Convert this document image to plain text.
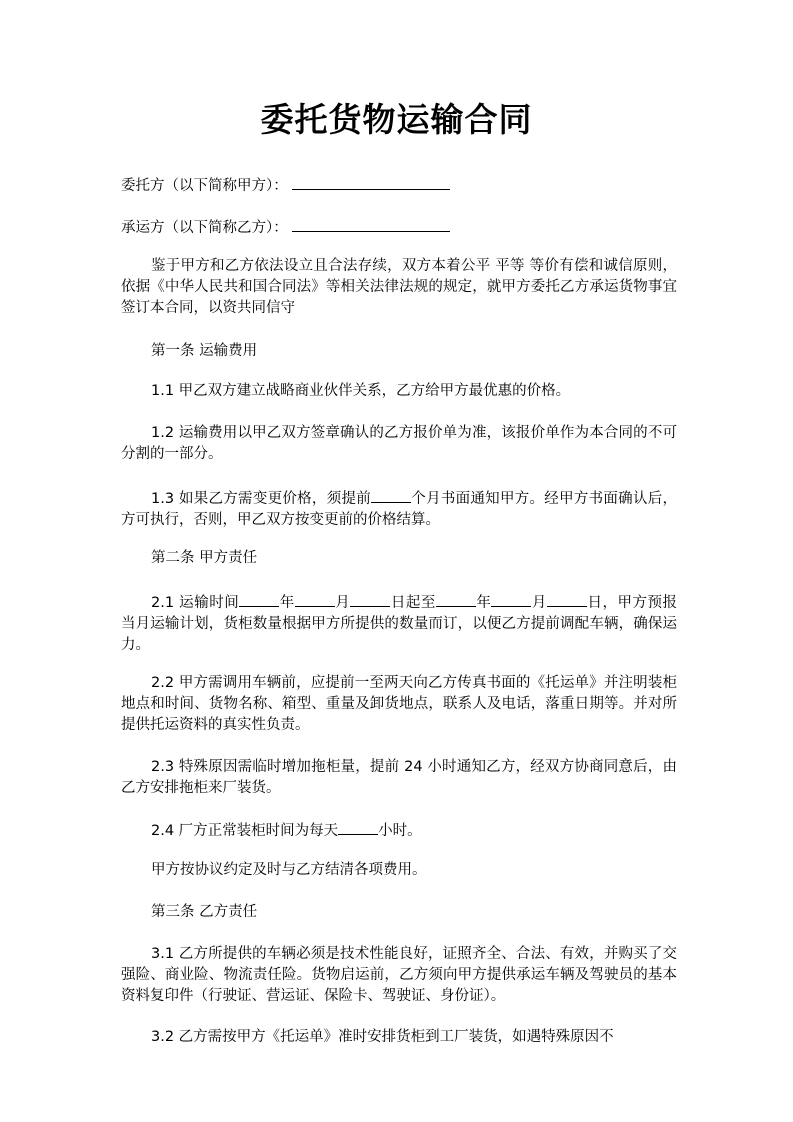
委托货物运输合同

委托方（以下简称甲方）：

承运方（以下简称乙方）：

鉴于甲方和乙方依法设立且合法存续，双方本着公平 平等 等价有偿和诚信原则，依据《中华人民共和国合同法》等相关法律法规的规定，就甲方委托乙方承运货物事宜签订本合同，以资共同信守

第一条 运输费用

1.1 甲乙双方建立战略商业伙伴关系，乙方给甲方最优惠的价格。

1.2 运输费用以甲乙双方签章确认的乙方报价单为准，该报价单作为本合同的不可分割的一部分。

1.3 如果乙方需变更价格，须提前	个月书面通知甲方。经甲方书面确认后，方可执行，否则，甲乙双方按变更前的价格结算。

第二条 甲方责任

2.1 运输时间	年	月	日起至	年	月	日，甲方预报当月运输计划，货柜数量根据甲方所提供的数量而订，以便乙方提前调配车辆，确保运力。

2.2 甲方需调用车辆前，应提前一至两天向乙方传真书面的《托运单》并注明装柜地点和时间、货物名称、箱型、重量及卸货地点，联系人及电话，落重日期等。并对所提供托运资料的真实性负责。

2.3 特殊原因需临时增加拖柜量，提前 24 小时通知乙方，经双方协商同意后，由乙方安排拖柜来厂装货。

2.4 厂方正常装柜时间为每天	小时。

甲方按协议约定及时与乙方结清各项费用。

第三条 乙方责任

3.1 乙方所提供的车辆必须是技术性能良好，证照齐全、合法、有效，并购买了交强险、商业险、物流责任险。货物启运前，乙方须向甲方提供承运车辆及驾驶员的基本资料复印件（行驶证、营运证、保险卡、驾驶证、身份证）。

3.2 乙方需按甲方《托运单》准时安排货柜到工厂装货，如遇特殊原因不
